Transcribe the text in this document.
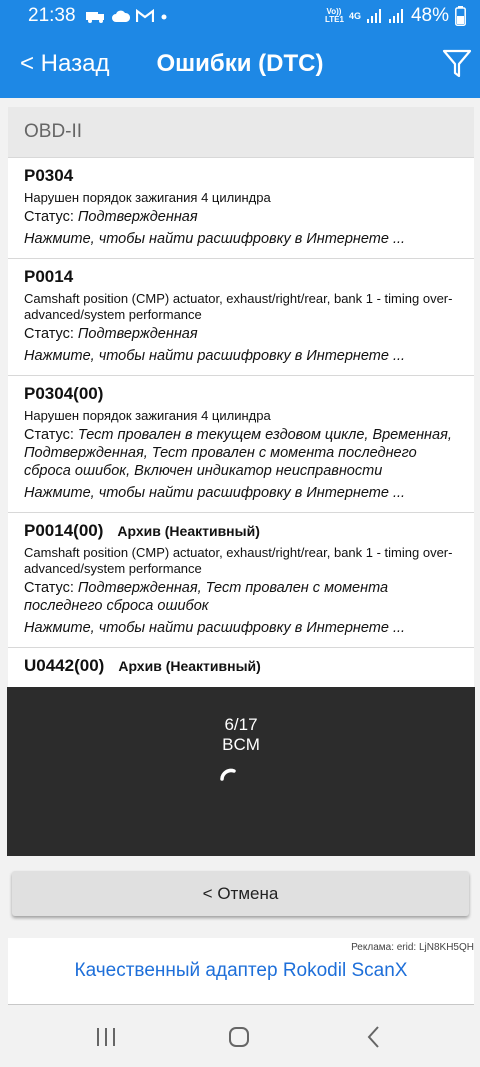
21:38	Vo)) LTE1 4G	48%
Ошибки (DTC)
< Назад
OBD-II
P0304
Нарушен порядок зажигания 4 цилиндра
Статус: Подтвержденная
Нажмите, чтобы найти расшифровку в Интернете ...
P0014
Camshaft position (CMP) actuator, exhaust/right/rear, bank 1 - timing over-advanced/system performance
Статус: Подтвержденная
Нажмите, чтобы найти расшифровку в Интернете ...
P0304(00)
Нарушен порядок зажигания 4 цилиндра
Статус: Тест провален в текущем ездовом цикле, Временная, Подтвержденная, Тест провален с момента последнего сброса ошибок, Включен индикатор неисправности
Нажмите, чтобы найти расшифровку в Интернете ...
P0014(00) Архив (Неактивный)
Camshaft position (CMP) actuator, exhaust/right/rear, bank 1 - timing over-advanced/system performance
Статус: Подтвержденная, Тест провален с момента последнего сброса ошибок
Нажмите, чтобы найти расшифровку в Интернете ...
U0442(00) Архив (Неактивный)
6/17
BCM
< Отмена
Реклама: erid: LjN8KH5QH
Качественный адаптер Rokodil ScanX
